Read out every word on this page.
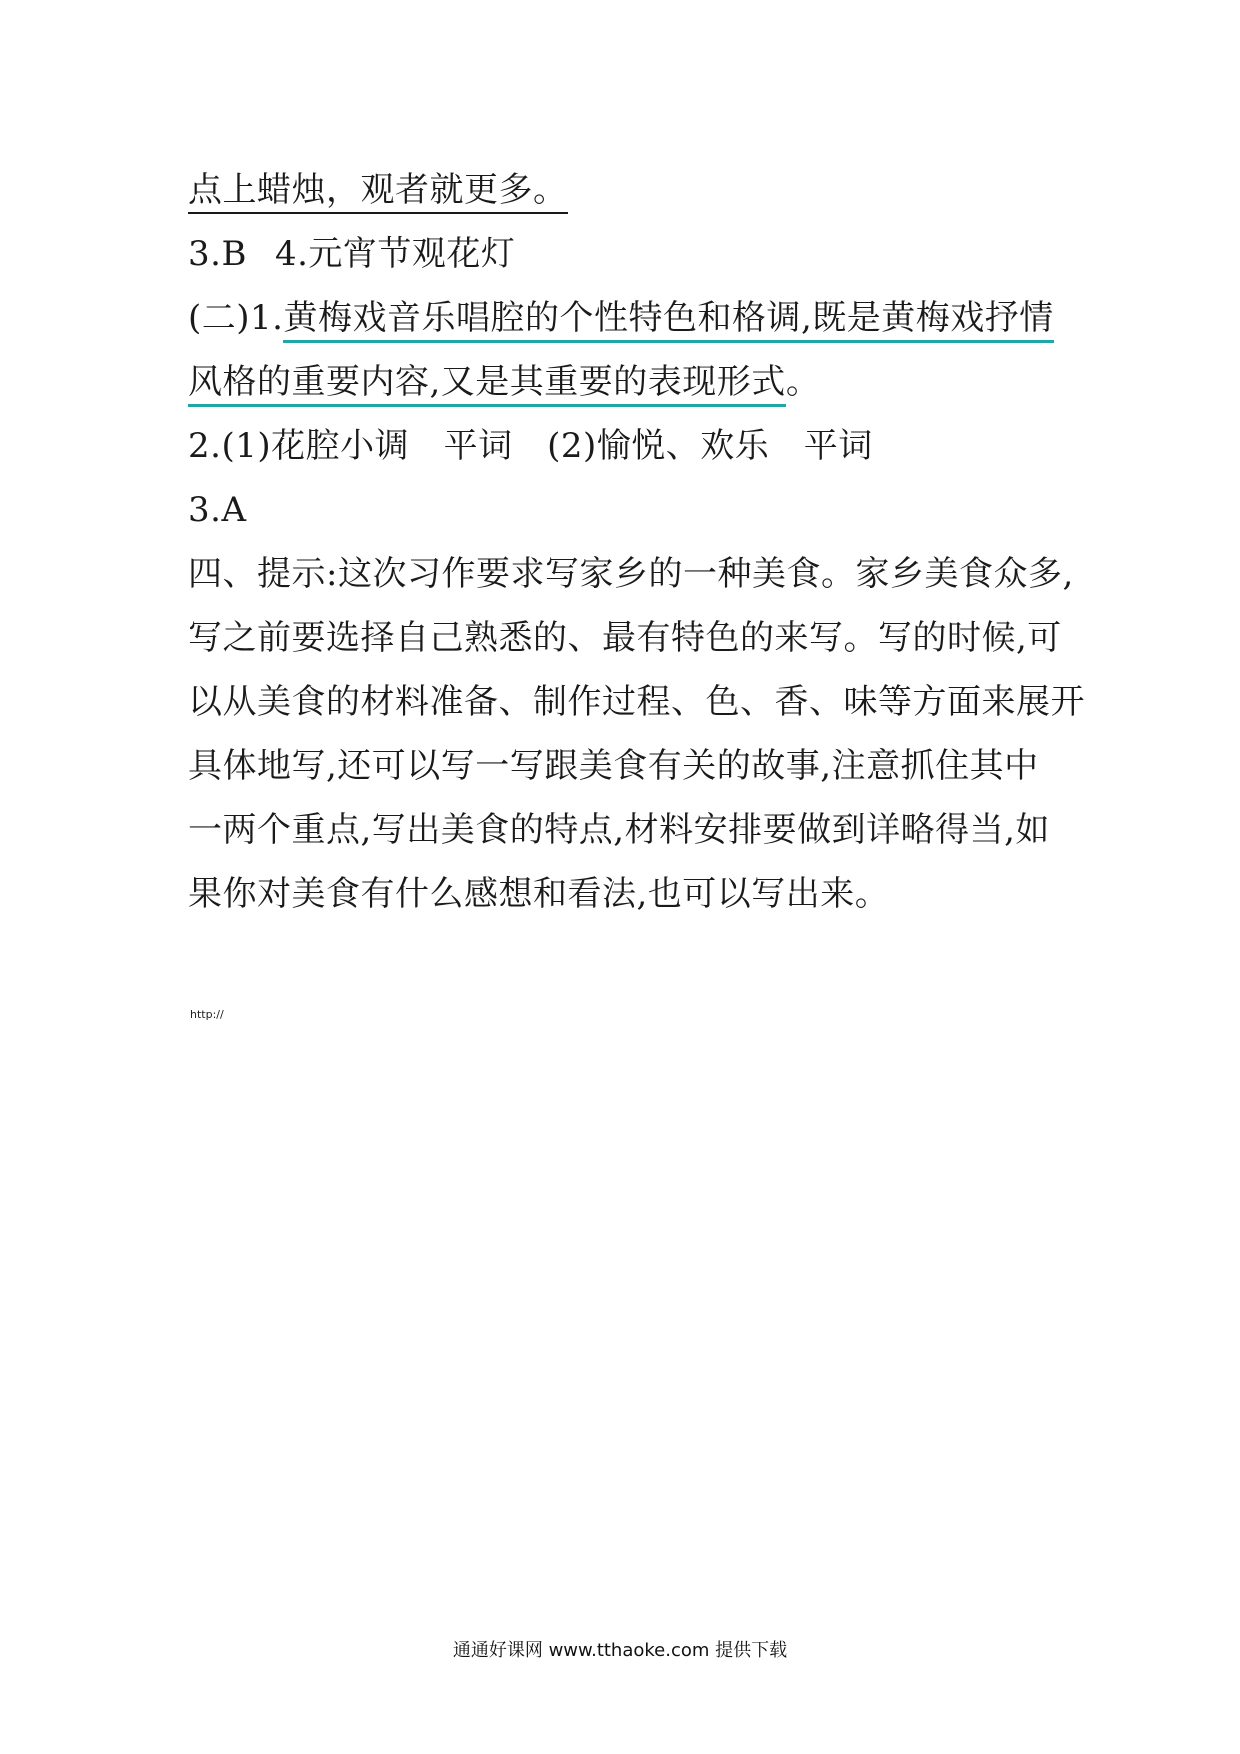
点上蜡烛，观者就更多。
3.B 4.元宵节观花灯
(二)1.黄梅戏音乐唱腔的个性特色和格调,既是黄梅戏抒情
风格的重要内容,又是其重要的表现形式。
2.(1)花腔小调　平词　(2)愉悦、欢乐　平词
3.A
四、提示:这次习作要求写家乡的一种美食。家乡美食众多,
写之前要选择自己熟悉的、最有特色的来写。写的时候,可
以从美食的材料准备、制作过程、色、香、味等方面来展开
具体地写,还可以写一写跟美食有关的故事,注意抓住其中
一两个重点,写出美食的特点,材料安排要做到详略得当,如
果你对美食有什么感想和看法,也可以写出来。
http://
通通好课网 www.tthaoke.com 提供下载
